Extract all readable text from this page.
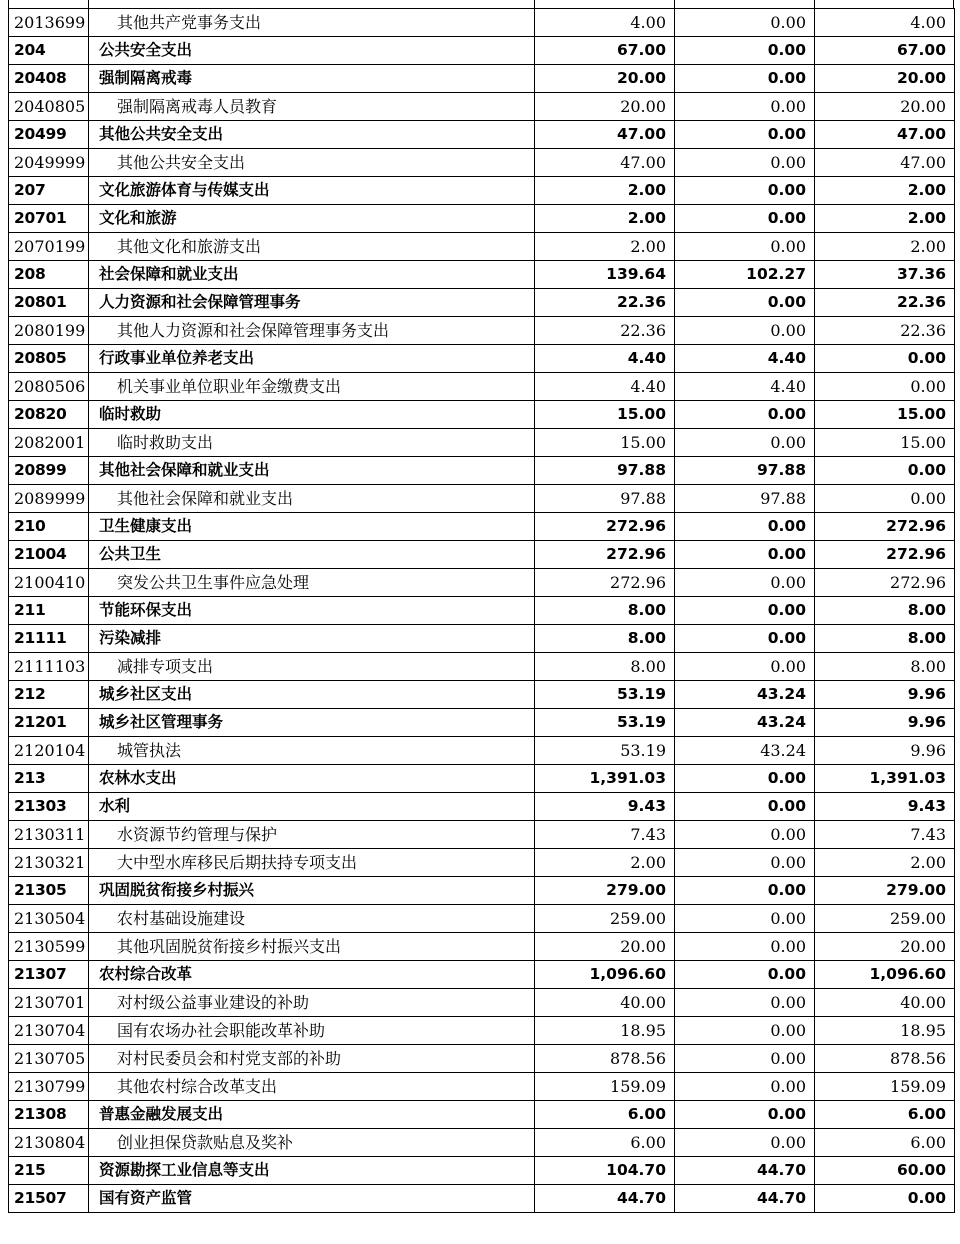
2013699	其他共产党事务支出	4.00	0.00	4.00
204	公共安全支出	67.00	0.00	67.00
20408	强制隔离戒毒	20.00	0.00	20.00
2040805	强制隔离戒毒人员教育	20.00	0.00	20.00
20499	其他公共安全支出	47.00	0.00	47.00
2049999	其他公共安全支出	47.00	0.00	47.00
207	文化旅游体育与传媒支出	2.00	0.00	2.00
20701	文化和旅游	2.00	0.00	2.00
2070199	其他文化和旅游支出	2.00	0.00	2.00
208	社会保障和就业支出	139.64	102.27	37.36
20801	人力资源和社会保障管理事务	22.36	0.00	22.36
2080199	其他人力资源和社会保障管理事务支出	22.36	0.00	22.36
20805	行政事业单位养老支出	4.40	4.40	0.00
2080506	机关事业单位职业年金缴费支出	4.40	4.40	0.00
20820	临时救助	15.00	0.00	15.00
2082001	临时救助支出	15.00	0.00	15.00
20899	其他社会保障和就业支出	97.88	97.88	0.00
2089999	其他社会保障和就业支出	97.88	97.88	0.00
210	卫生健康支出	272.96	0.00	272.96
21004	公共卫生	272.96	0.00	272.96
2100410	突发公共卫生事件应急处理	272.96	0.00	272.96
211	节能环保支出	8.00	0.00	8.00
21111	污染减排	8.00	0.00	8.00
2111103	减排专项支出	8.00	0.00	8.00
212	城乡社区支出	53.19	43.24	9.96
21201	城乡社区管理事务	53.19	43.24	9.96
2120104	城管执法	53.19	43.24	9.96
213	农林水支出	1,391.03	0.00	1,391.03
21303	水利	9.43	0.00	9.43
2130311	水资源节约管理与保护	7.43	0.00	7.43
2130321	大中型水库移民后期扶持专项支出	2.00	0.00	2.00
21305	巩固脱贫衔接乡村振兴	279.00	0.00	279.00
2130504	农村基础设施建设	259.00	0.00	259.00
2130599	其他巩固脱贫衔接乡村振兴支出	20.00	0.00	20.00
21307	农村综合改革	1,096.60	0.00	1,096.60
2130701	对村级公益事业建设的补助	40.00	0.00	40.00
2130704	国有农场办社会职能改革补助	18.95	0.00	18.95
2130705	对村民委员会和村党支部的补助	878.56	0.00	878.56
2130799	其他农村综合改革支出	159.09	0.00	159.09
21308	普惠金融发展支出	6.00	0.00	6.00
2130804	创业担保贷款贴息及奖补	6.00	0.00	6.00
215	资源勘探工业信息等支出	104.70	44.70	60.00
21507	国有资产监管	44.70	44.70	0.00
